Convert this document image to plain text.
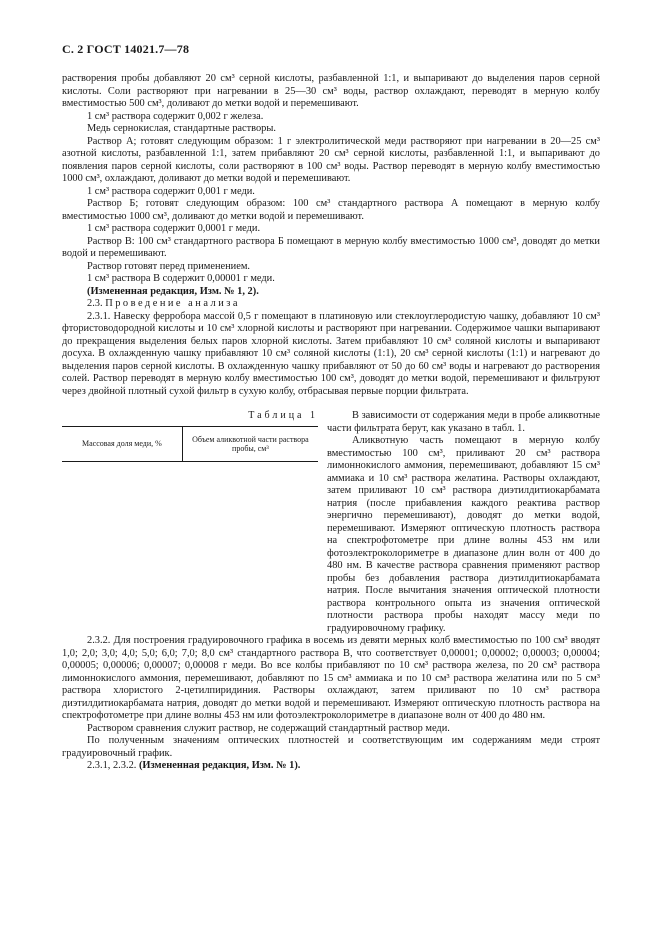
С. 2 ГОСТ 14021.7—78

растворения пробы добавляют 20 см³ серной кислоты, разбавленной 1:1, и выпаривают до выделения паров серной кислоты. Соли растворяют при нагревании в 25—30 см³ воды, раствор охлаждают, переводят в мерную колбу вместимостью 500 см³, доливают до метки водой и перемешивают.

1 см³ раствора содержит 0,002 г железа.

Медь сернокислая, стандартные растворы.

Раствор А; готовят следующим образом: 1 г электролитической меди растворяют при нагревании в 20—25 см³ азотной кислоты, разбавленной 1:1, затем прибавляют 20 см³ серной кислоты, разбавленной 1:1, и выпаривают до появления паров серной кислоты, соли растворяют в 100 см³ воды. Раствор переводят в мерную колбу вместимостью 1000 см³, охлаждают, доливают до метки водой и перемешивают.

1 см³ раствора содержит 0,001 г меди.

Раствор Б; готовят следующим образом: 100 см³ стандартного раствора А помещают в мерную колбу вместимостью 1000 см³, доливают до метки водой и перемешивают.

1 см³ раствора содержит 0,0001 г меди.

Раствор В: 100 см³ стандартного раствора Б помещают в мерную колбу вместимостью 1000 см³, доводят до метки водой и перемешивают.

Раствор готовят перед применением.

1 см³ раствора В содержит 0,00001 г меди.

(Измененная редакция, Изм. № 1, 2).

2.3. Проведение анализа

2.3.1. Навеску ферробора массой 0,5 г помещают в платиновую или стеклоуглеродистую чашку, добавляют 10 см³ фтористоводородной кислоты и 10 см³ хлорной кислоты и растворяют при нагревании. Содержимое чашки выпаривают до прекращения выделения белых паров хлорной кислоты. Затем прибавляют 10 см³ соляной кислоты и выпаривают досуха. В охлажденную чашку прибавляют 10 см³ соляной кислоты (1:1), 20 см³ серной кислоты (1:1) и нагревают до выделения паров серной кислоты. В охлажденную чашку прибавляют от 50 до 60 см³ воды и нагревают до растворения солей. Раствор переводят в мерную колбу вместимостью 100 см³, доводят до метки водой, перемешивают и фильтруют через двойной плотный сухой фильтр в сухую колбу, отбрасывая первые порции фильтрата.

Таблица 1
Массовая доля меди, %	Объем аликвотной части раствора пробы, см³

В зависимости от содержания меди в пробе аликвотные части фильтрата берут, как указано в табл. 1.

Аликвотную часть помещают в мерную колбу вместимостью 100 см³, приливают 20 см³ раствора лимоннокислого аммония, перемешивают, добавляют 15 см³ аммиака и 10 см³ раствора желатина. Растворы охлаждают, затем приливают 10 см³ раствора диэтилдитиокарбамата натрия (после прибавления каждого реактива раствор энергично перемешивают), доводят до метки водой, перемешивают. Измеряют оптическую плотность раствора на спектрофотометре при длине волны 453 нм или фотоэлектроколориметре в диапазоне длин волн от 400 до 480 нм. В качестве раствора сравнения применяют раствор пробы без добавления раствора диэтилдитиокарбамата натрия. После вычитания значения оптической плотности раствора контрольного опыта из значения оптической плотности раствора пробы находят массу меди по градуировочному графику.

2.3.2. Для построения градуировочного графика в восемь из девяти мерных колб вместимостью по 100 см³ вводят 1,0; 2,0; 3,0; 4,0; 5,0; 6,0; 7,0; 8,0 см³ стандартного раствора В, что соответствует 0,00001; 0,00002; 0,00003; 0,00004; 0,00005; 0,00006; 0,00007; 0,00008 г меди. Во все колбы прибавляют по 10 см³ раствора железа, по 20 см³ раствора лимоннокислого аммония, перемешивают, добавляют по 15 см³ аммиака и по 10 см³ раствора желатина или по 5 см³ раствора хлористого 2-цетилпиридиния. Растворы охлаждают, затем приливают по 10 см³ раствора диэтилдитиокарбамата натрия, доводят до метки водой и перемешивают. Измеряют оптическую плотность раствора на спектрофотометре при длине волны 453 нм или фотоэлектроколориметре в диапазоне волн от 400 до 480 нм.

Раствором сравнения служит раствор, не содержащий стандартный раствор меди.

По полученным значениям оптических плотностей и соответствующим им содержаниям меди строят градуировочный график.

2.3.1, 2.3.2. (Измененная редакция, Изм. № 1).
